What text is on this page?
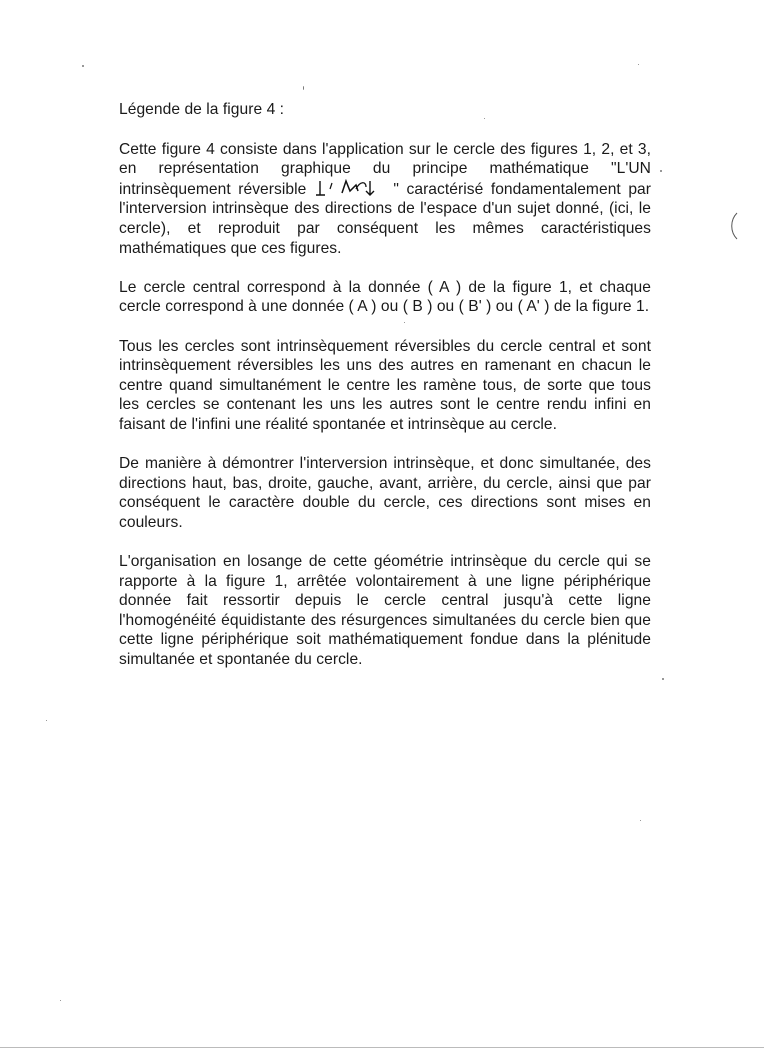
Légende de la figure 4 :

Cette figure 4 consiste dans l'application sur le cercle des figures 1, 2, et 3, en représentation graphique du principe mathématique "L'UN intrinsèquement réversible	" caractérisé fondamentalement par l'interversion intrinsèque des directions de l'espace d'un sujet donné, (ici, le cercle), et reproduit par conséquent les mêmes caractéristiques mathématiques que ces figures.

Le cercle central correspond à la donnée ( A ) de la figure 1, et chaque cercle correspond à une donnée ( A ) ou ( B ) ou ( B' ) ou ( A' ) de la figure 1.

Tous les cercles sont intrinsèquement réversibles du cercle central et sont intrinsèquement réversibles les uns des autres en ramenant en chacun le centre quand simultanément le centre les ramène tous, de sorte que tous les cercles se contenant les uns les autres sont le centre rendu infini en faisant de l'infini une réalité spontanée et intrinsèque au cercle.

De manière à démontrer l'interversion intrinsèque, et donc simultanée, des directions haut, bas, droite, gauche, avant, arrière, du cercle, ainsi que par conséquent le caractère double du cercle, ces directions sont mises en couleurs.

L'organisation en losange de cette géométrie intrinsèque du cercle qui se rapporte à la figure 1, arrêtée volontairement à une ligne périphérique donnée fait ressortir depuis le cercle central jusqu'à cette ligne l'homogénéité équidistante des résurgences simultanées du cercle bien que cette ligne périphérique soit mathématiquement fondue dans la plénitude simultanée et spontanée du cercle.
